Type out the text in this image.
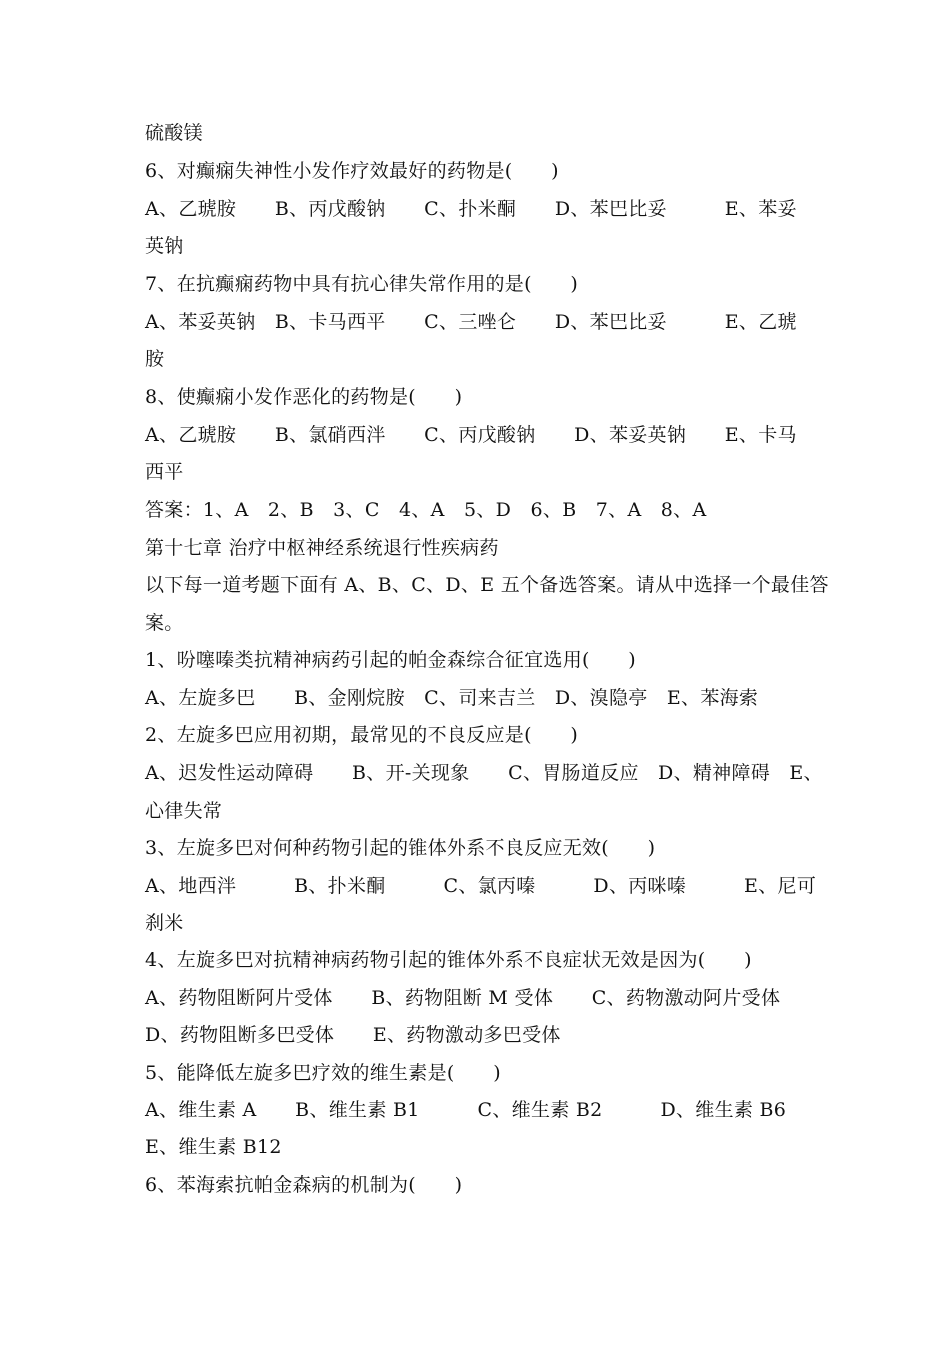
硫酸镁
6、对癫痫失神性小发作疗效最好的药物是(　　)
A、乙琥胺　　B、丙戊酸钠　　C、扑米酮　　D、苯巴比妥　　　E、苯妥
英钠
7、在抗癫痫药物中具有抗心律失常作用的是(　　)
A、苯妥英钠　B、卡马西平　　C、三唑仑　　D、苯巴比妥　　　E、乙琥
胺
8、使癫痫小发作恶化的药物是(　　)
A、乙琥胺　　B、氯硝西泮　　C、丙戊酸钠　　D、苯妥英钠　　E、卡马
西平
答案：1、A　2、B　3、C　4、A　5、D　6、B　7、A　8、A
第十七章 治疗中枢神经系统退行性疾病药
以下每一道考题下面有 A、B、C、D、E 五个备选答案。请从中选择一个最佳答
案。
1、吩噻嗪类抗精神病药引起的帕金森综合征宜选用(　　)
A、左旋多巴　　B、金刚烷胺　C、司来吉兰　D、溴隐亭　E、苯海索
2、左旋多巴应用初期，最常见的不良反应是(　　)
A、迟发性运动障碍　　B、开-关现象　　C、胃肠道反应　D、精神障碍　E、
心律失常
3、左旋多巴对何种药物引起的锥体外系不良反应无效(　　)
A、地西泮　　　B、扑米酮　　　C、氯丙嗪　　　D、丙咪嗪　　　E、尼可
刹米
4、左旋多巴对抗精神病药物引起的锥体外系不良症状无效是因为(　　)
A、药物阻断阿片受体　　B、药物阻断 M 受体　　C、药物激动阿片受体
D、药物阻断多巴受体　　E、药物激动多巴受体
5、能降低左旋多巴疗效的维生素是(　　)
A、维生素 A　　B、维生素 B1　　　C、维生素 B2　　　D、维生素 B6
E、维生素 B12
6、苯海索抗帕金森病的机制为(　　)
